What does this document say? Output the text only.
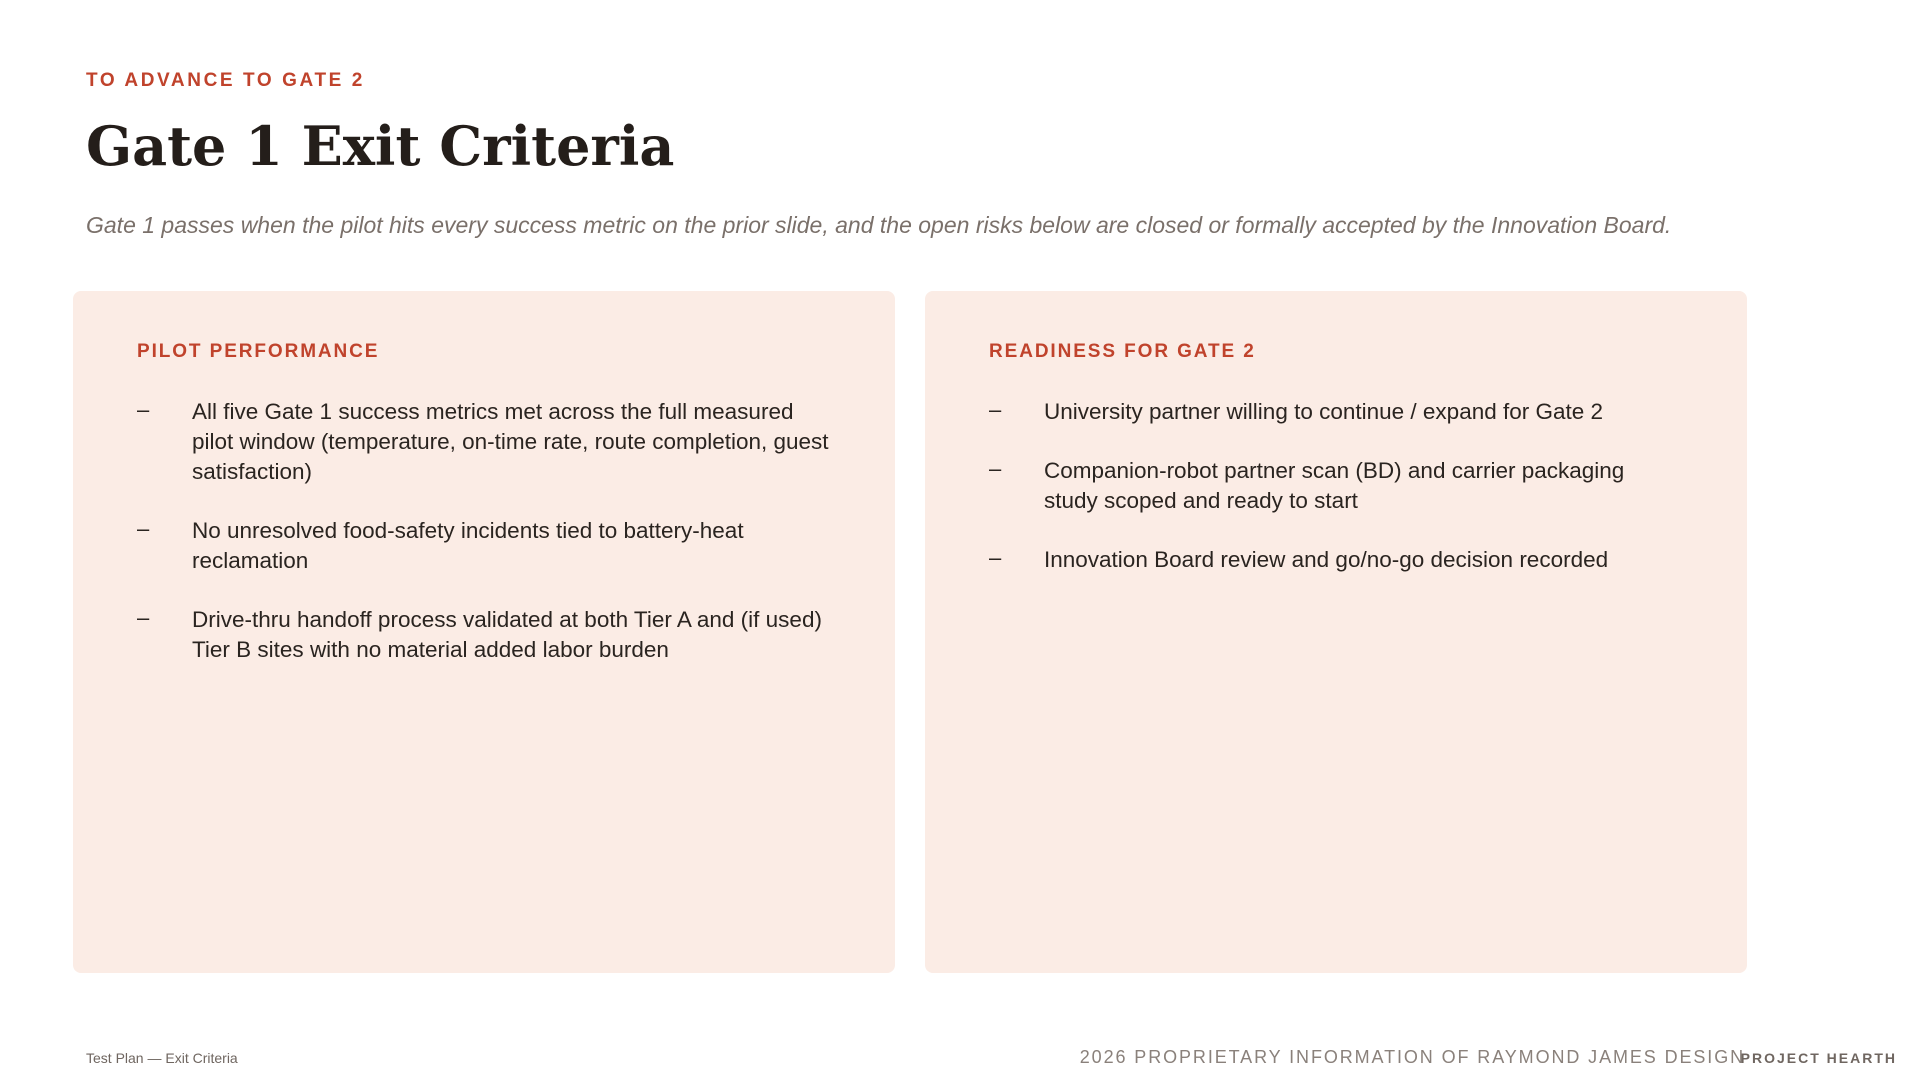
TO ADVANCE TO GATE 2
Gate 1 Exit Criteria
Gate 1 passes when the pilot hits every success metric on the prior slide, and the open risks below are closed or formally accepted by the Innovation Board.
PILOT PERFORMANCE
– All five Gate 1 success metrics met across the full measured pilot window (temperature, on-time rate, route completion, guest satisfaction)
– No unresolved food-safety incidents tied to battery-heat reclamation
– Drive-thru handoff process validated at both Tier A and (if used) Tier B sites with no material added labor burden
READINESS FOR GATE 2
– University partner willing to continue / expand for Gate 2
– Companion-robot partner scan (BD) and carrier packaging study scoped and ready to start
– Innovation Board review and go/no-go decision recorded
Test Plan — Exit Criteria	2026 PROPRIETARY INFORMATION OF RAYMOND JAMES DESIGN
PROJECT HEARTH
